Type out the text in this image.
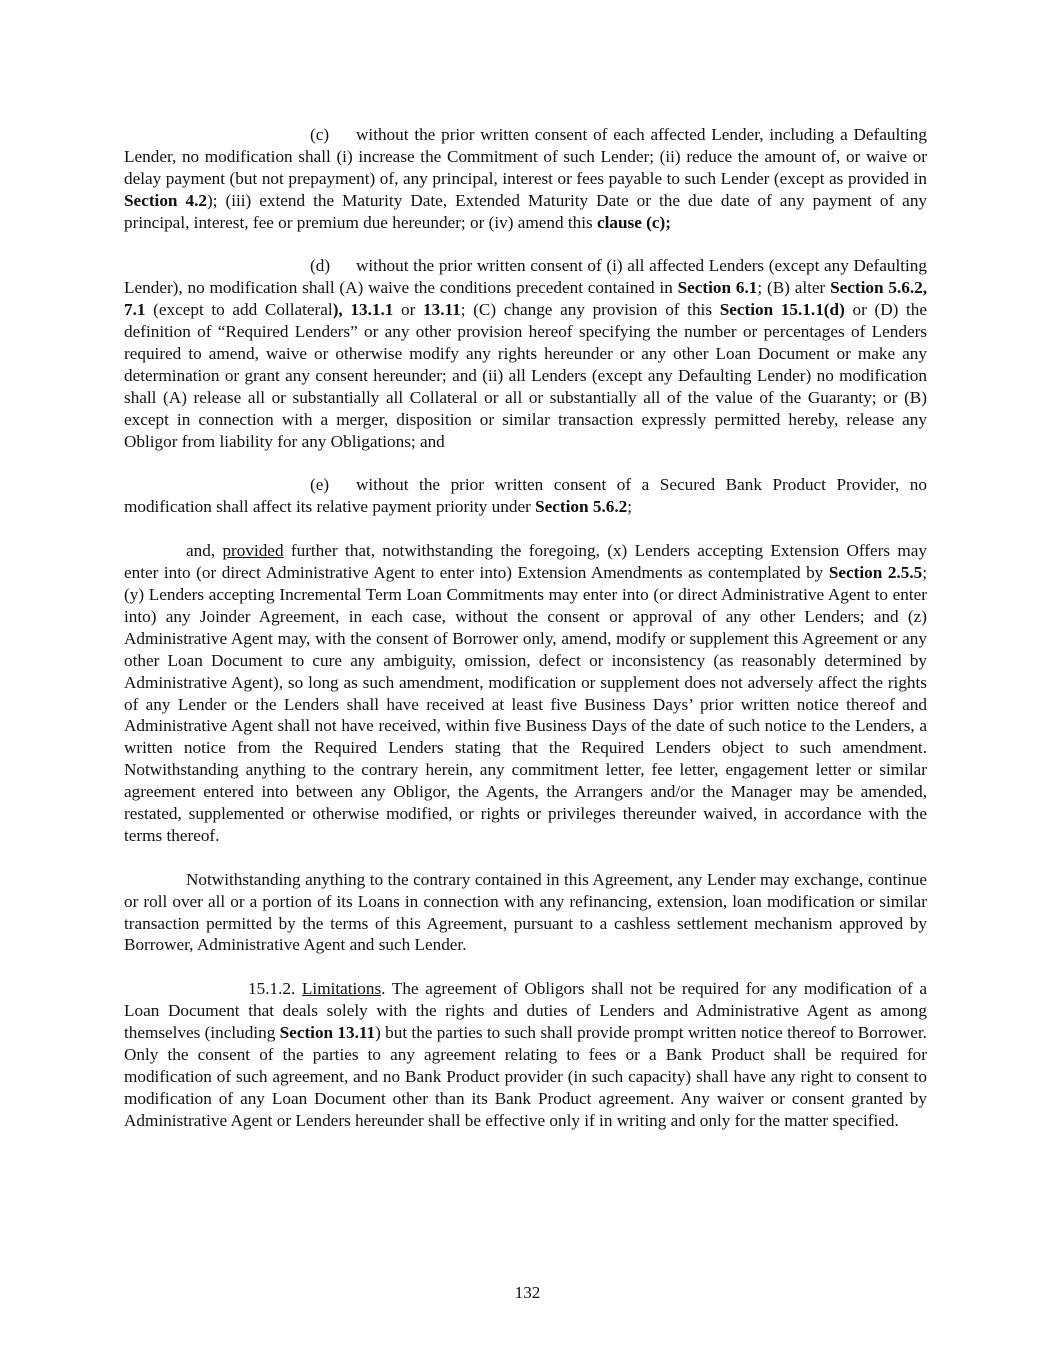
(c) without the prior written consent of each affected Lender, including a Defaulting Lender, no modification shall (i) increase the Commitment of such Lender; (ii) reduce the amount of, or waive or delay payment (but not prepayment) of, any principal, interest or fees payable to such Lender (except as provided in Section 4.2); (iii) extend the Maturity Date, Extended Maturity Date or the due date of any payment of any principal, interest, fee or premium due hereunder; or (iv) amend this clause (c);

(d) without the prior written consent of (i) all affected Lenders (except any Defaulting Lender), no modification shall (A) waive the conditions precedent contained in Section 6.1; (B) alter Section 5.6.2, 7.1 (except to add Collateral), 13.1.1 or 13.11; (C) change any provision of this Section 15.1.1(d) or (D) the definition of “Required Lenders” or any other provision hereof specifying the number or percentages of Lenders required to amend, waive or otherwise modify any rights hereunder or any other Loan Document or make any determination or grant any consent hereunder; and (ii) all Lenders (except any Defaulting Lender) no modification shall (A) release all or substantially all Collateral or all or substantially all of the value of the Guaranty; or (B) except in connection with a merger, disposition or similar transaction expressly permitted hereby, release any Obligor from liability for any Obligations; and

(e) without the prior written consent of a Secured Bank Product Provider, no modification shall affect its relative payment priority under Section 5.6.2;

and, provided further that, notwithstanding the foregoing, (x) Lenders accepting Extension Offers may enter into (or direct Administrative Agent to enter into) Extension Amendments as contemplated by Section 2.5.5; (y) Lenders accepting Incremental Term Loan Commitments may enter into (or direct Administrative Agent to enter into) any Joinder Agreement, in each case, without the consent or approval of any other Lenders; and (z) Administrative Agent may, with the consent of Borrower only, amend, modify or supplement this Agreement or any other Loan Document to cure any ambiguity, omission, defect or inconsistency (as reasonably determined by Administrative Agent), so long as such amendment, modification or supplement does not adversely affect the rights of any Lender or the Lenders shall have received at least five Business Days’ prior written notice thereof and Administrative Agent shall not have received, within five Business Days of the date of such notice to the Lenders, a written notice from the Required Lenders stating that the Required Lenders object to such amendment. Notwithstanding anything to the contrary herein, any commitment letter, fee letter, engagement letter or similar agreement entered into between any Obligor, the Agents, the Arrangers and/or the Manager may be amended, restated, supplemented or otherwise modified, or rights or privileges thereunder waived, in accordance with the terms thereof.

Notwithstanding anything to the contrary contained in this Agreement, any Lender may exchange, continue or roll over all or a portion of its Loans in connection with any refinancing, extension, loan modification or similar transaction permitted by the terms of this Agreement, pursuant to a cashless settlement mechanism approved by Borrower, Administrative Agent and such Lender.

15.1.2. Limitations. The agreement of Obligors shall not be required for any modification of a Loan Document that deals solely with the rights and duties of Lenders and Administrative Agent as among themselves (including Section 13.11) but the parties to such shall provide prompt written notice thereof to Borrower. Only the consent of the parties to any agreement relating to fees or a Bank Product shall be required for modification of such agreement, and no Bank Product provider (in such capacity) shall have any right to consent to modification of any Loan Document other than its Bank Product agreement. Any waiver or consent granted by Administrative Agent or Lenders hereunder shall be effective only if in writing and only for the matter specified.

132
